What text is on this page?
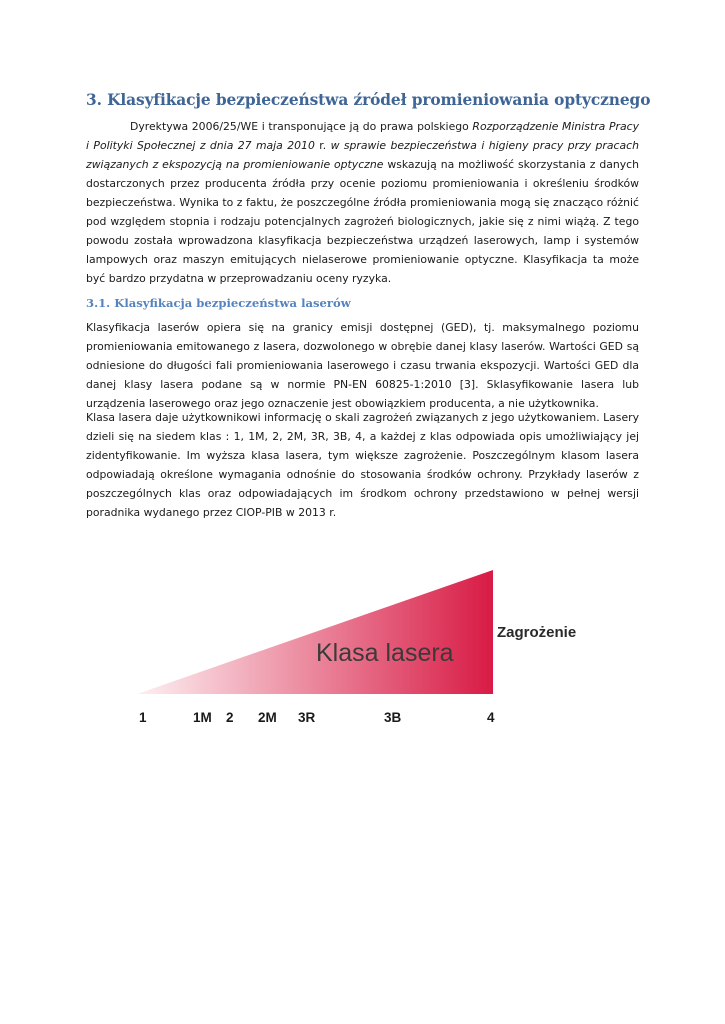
3. Klasyfikacje bezpieczeństwa źródeł promieniowania optycznego

Dyrektywa 2006/25/WE i transponujące ją do prawa polskiego Rozporządzenie Ministra Pracy i Polityki Społecznej z dnia 27 maja 2010 r. w sprawie bezpieczeństwa i higieny pracy przy pracach związanych z ekspozycją na promieniowanie optyczne wskazują na możliwość skorzystania z danych dostarczonych przez producenta źródła przy ocenie poziomu promieniowania i określeniu środków bezpieczeństwa. Wynika to z faktu, że poszczególne źródła promieniowania mogą się znacząco różnić pod względem stopnia i rodzaju potencjalnych zagrożeń biologicznych, jakie się z nimi wiążą. Z tego powodu została wprowadzona klasyfikacja bezpieczeństwa urządzeń laserowych, lamp i systemów lampowych oraz maszyn emitujących nielaserowe promieniowanie optyczne. Klasyfikacja ta może być bardzo przydatna w przeprowadzaniu oceny ryzyka.

3.1. Klasyfikacja bezpieczeństwa laserów

Klasyfikacja laserów opiera się na granicy emisji dostępnej (GED), tj. maksymalnego poziomu promieniowania emitowanego z lasera, dozwolonego w obrębie danej klasy laserów. Wartości GED są odniesione do długości fali promieniowania laserowego i czasu trwania ekspozycji. Wartości GED dla danej klasy lasera podane są w normie PN-EN 60825-1:2010 [3]. Sklasyfikowanie lasera lub urządzenia laserowego oraz jego oznaczenie jest obowiązkiem producenta, a nie użytkownika.

Klasa lasera daje użytkownikowi informację o skali zagrożeń związanych z jego użytkowaniem. Lasery dzieli się na siedem klas : 1, 1M, 2, 2M, 3R, 3B, 4, a każdej z klas odpowiada opis umożliwiający jej zidentyfikowanie. Im wyższa klasa lasera, tym większe zagrożenie. Poszczególnym klasom lasera odpowiadają określone wymagania odnośnie do stosowania środków ochrony. Przykłady laserów z poszczególnych klas oraz odpowiadających im środkom ochrony przedstawiono w pełnej wersji poradnika wydanego przez CIOP-PIB w 2013 r.

Klasa lasera
Zagrożenie
1	1M 2 2M 3R	3B	4
